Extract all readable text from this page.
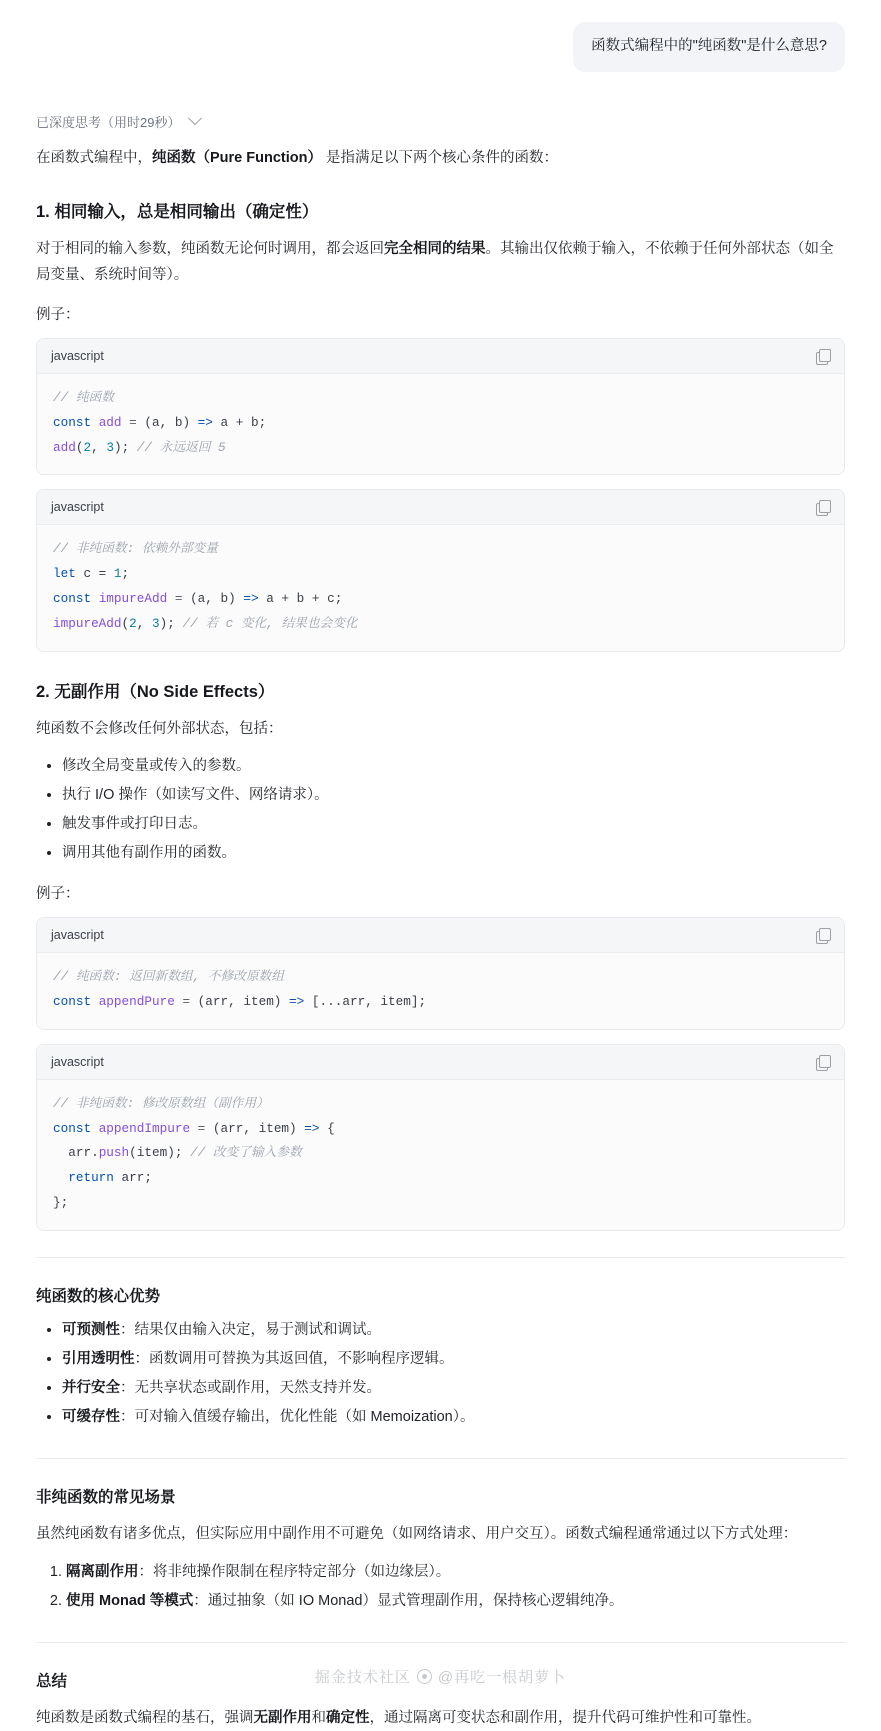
函数式编程中的"纯函数"是什么意思?
已深度思考（用时29秒）

在函数式编程中，纯函数（Pure Function） 是指满足以下两个核心条件的函数：

1. 相同输入，总是相同输出（确定性）

对于相同的输入参数，纯函数无论何时调用，都会返回完全相同的结果。其输出仅依赖于输入，不依赖于任何外部状态（如全局变量、系统时间等）。

例子：

javascript
// 纯函数
const add = (a, b) => a + b;
add(2, 3); // 永远返回 5
javascript
// 非纯函数: 依赖外部变量
let c = 1;
const impureAdd = (a, b) => a + b + c;
impureAdd(2, 3); // 若 c 变化, 结果也会变化
2. 无副作用（No Side Effects）

纯函数不会修改任何外部状态，包括：

• 修改全局变量或传入的参数。
• 执行 I/O 操作（如读写文件、网络请求）。
• 触发事件或打印日志。
• 调用其他有副作用的函数。

例子：

javascript
// 纯函数: 返回新数组, 不修改原数组
const appendPure = (arr, item) => [...arr, item];
javascript
// 非纯函数: 修改原数组（副作用）
const appendImpure = (arr, item) => {
arr.push(item); // 改变了输入参数
return arr;
};
纯函数的核心优势
• 可预测性：结果仅由输入决定，易于测试和调试。
• 引用透明性：函数调用可替换为其返回值，不影响程序逻辑。
• 并行安全：无共享状态或副作用，天然支持并发。
• 可缓存性：可对输入值缓存输出，优化性能（如 Memoization）。
非纯函数的常见场景

虽然纯函数有诸多优点，但实际应用中副作用不可避免（如网络请求、用户交互）。函数式编程通常通过以下方式处理：

1. 隔离副作用：将非纯操作限制在程序特定部分（如边缘层）。
2. 使用 Monad 等模式：通过抽象（如 IO Monad）显式管理副作用，保持核心逻辑纯净。
总结

纯函数是函数式编程的基石，强调无副作用和确定性，通过隔离可变状态和副作用，提升代码可维护性和可靠性。

掘金技术社区 @再吃一根胡萝卜
